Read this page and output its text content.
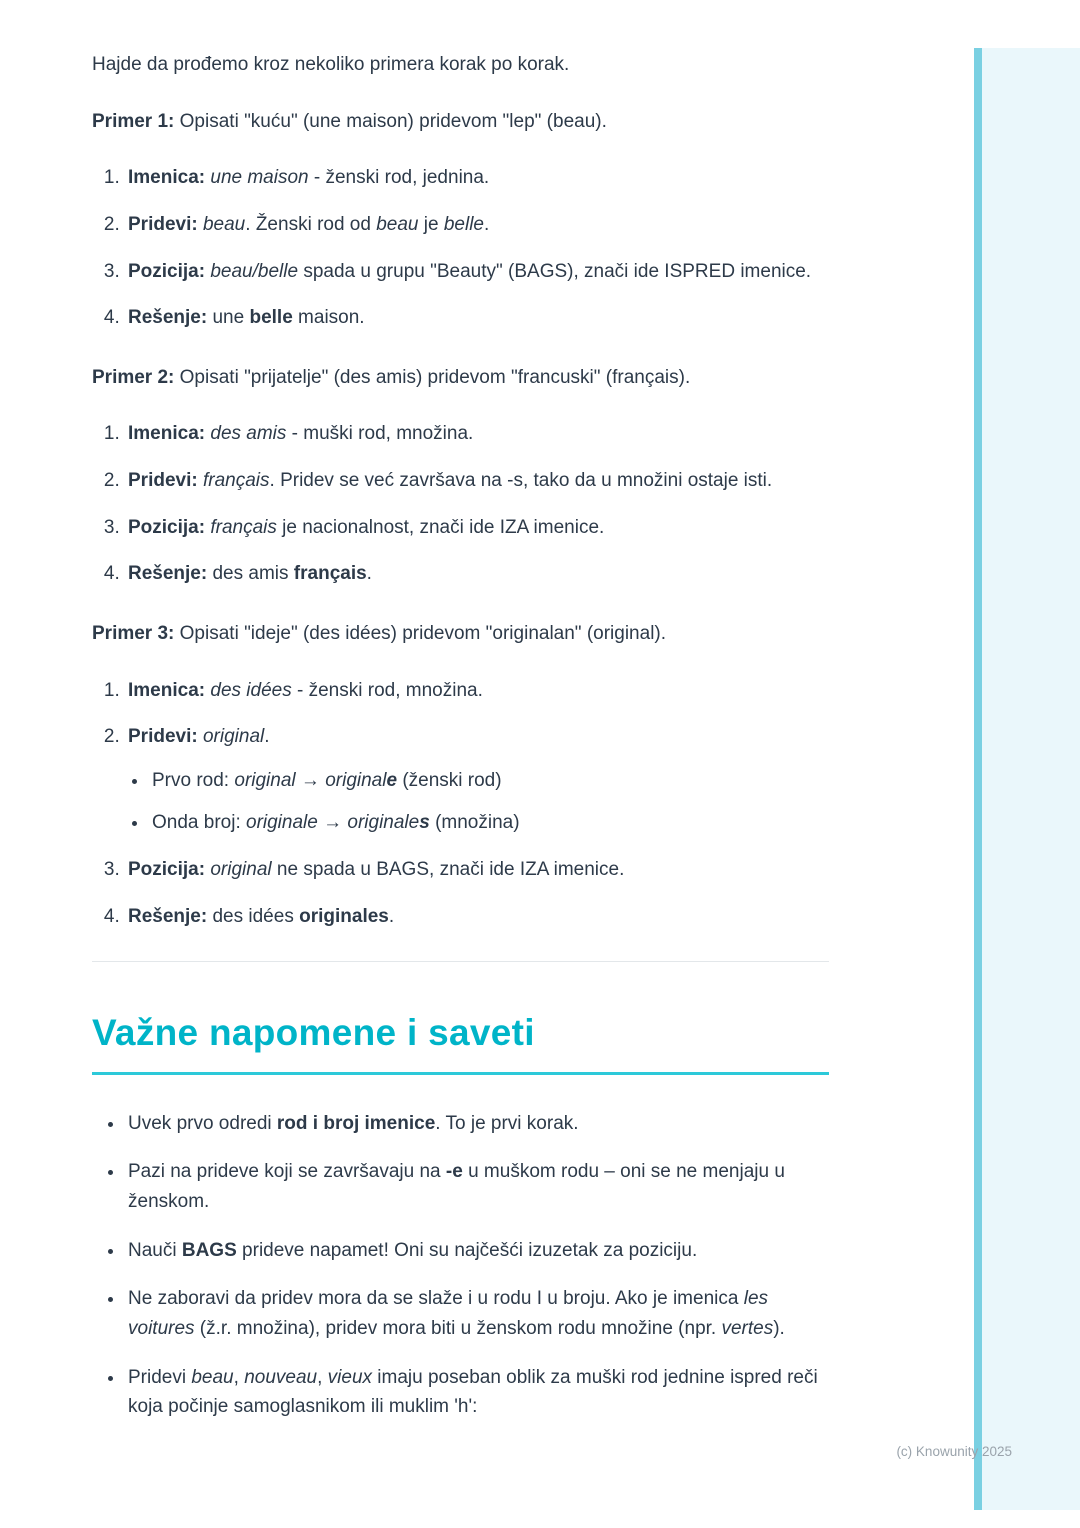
Hajde da prođemo kroz nekoliko primera korak po korak.

Primer 1: Opisati "kuću" (une maison) pridevom "lep" (beau).

1. Imenica: une maison - ženski rod, jednina.
2. Pridevi: beau. Ženski rod od beau je belle.
3. Pozicija: beau/belle spada u grupu "Beauty" (BAGS), znači ide ISPRED imenice.
4. Rešenje: une belle maison.

Primer 2: Opisati "prijatelje" (des amis) pridevom "francuski" (français).

1. Imenica: des amis - muški rod, množina.
2. Pridevi: français. Pridev se već završava na -s, tako da u množini ostaje isti.
3. Pozicija: français je nacionalnost, znači ide IZA imenice.
4. Rešenje: des amis français.

Primer 3: Opisati "ideje" (des idées) pridevom "originalan" (original).

1. Imenica: des idées - ženski rod, množina.
2. Pridevi: original.
• Prvo rod: original → originale (ženski rod)
• Onda broj: originale → originales (množina)
3. Pozicija: original ne spada u BAGS, znači ide IZA imenice.
4. Rešenje: des idées originales.
Važne napomene i saveti
• Uvek prvo odredi rod i broj imenice. To je prvi korak.
• Pazi na prideve koji se završavaju na -e u muškom rodu – oni se ne menjaju u ženskom.
• Nauči BAGS prideve napamet! Oni su najčešći izuzetak za poziciju.
• Ne zaboravi da pridev mora da se slaže i u rodu I u broju. Ako je imenica les voitures (ž.r. množina), pridev mora biti u ženskom rodu množine (npr. vertes).
• Pridevi beau, nouveau, vieux imaju poseban oblik za muški rod jednine ispred reči koja počinje samoglasnikom ili muklim 'h':
(c) Knowunity 2025
